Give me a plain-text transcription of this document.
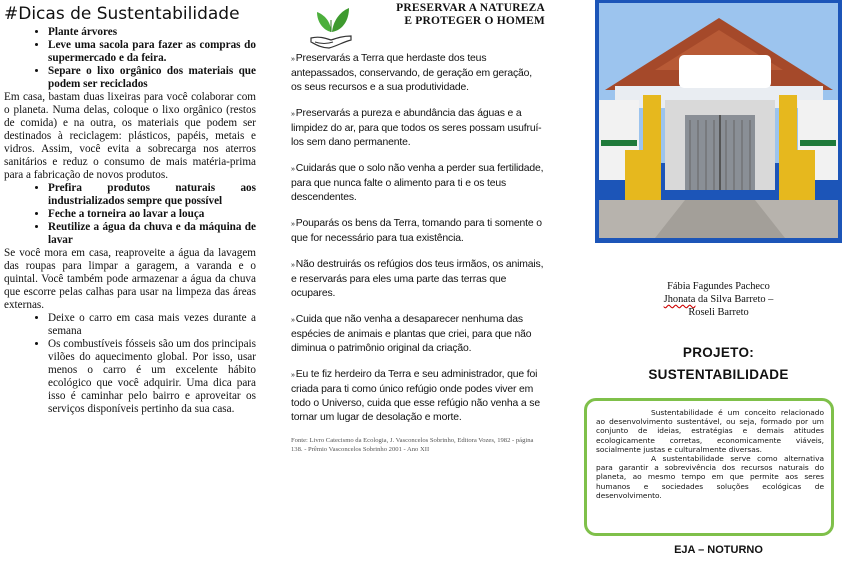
#Dicas de Sustentabilidade
• Plante árvores
• Leve uma sacola para fazer as compras do supermercado e da feira.
• Separe o lixo orgânico dos materiais que podem ser reciclados

Em casa, bastam duas lixeiras para você colaborar com o planeta. Numa delas, coloque o lixo orgânico (restos de comida) e na outra, os materiais que podem ser destinados à reciclagem: plásticos, papéis, metais e vidros. Assim, você evita a sobrecarga nos aterros sanitários e reduz o consumo de mais matéria-prima para a fabricação de novos produtos.

• Prefira produtos naturais aos industrializados sempre que possível
• Feche a torneira ao lavar a louça
• Reutilize a água da chuva e da máquina de lavar

Se você mora em casa, reaproveite a água da lavagem das roupas para limpar a garagem, a varanda e o quintal. Você também pode armazenar a água da chuva que escorre pelas calhas para usar na limpeza das áreas externas.

• Deixe o carro em casa mais vezes durante a semana
• Os combustíveis fósseis são um dos principais vilões do aquecimento global. Por isso, usar menos o carro é um excelente hábito ecológico que você adquirir. Uma dica para isso é caminhar pelo bairro e aproveitar os serviços disponíveis pertinho da sua casa.
PRESERVAR A NATUREZA
E PROTEGER O HOMEM

»Preservarás a Terra que herdaste dos teus antepassados, conservando, de geração em geração, os seus recursos e a sua produtividade.

»Preservarás a pureza e abundância das águas e a limpidez do ar, para que todos os seres possam usufruí-los sem dano permanente.

»Cuidarás que o solo não venha a perder sua fertilidade, para que nunca falte o alimento para ti e os teus descendentes.

»Pouparás os bens da Terra, tomando para ti somente o que for necessário para tua existência.

»Não destruirás os refúgios dos teus irmãos, os animais, e reservarás para eles uma parte das terras que ocupares.

»Cuida que não venha a desaparecer nenhuma das espécies de animais e plantas que criei, para que não diminua o patrimônio original da criação.

»Eu te fiz herdeiro da Terra e seu administrador, que foi criada para ti como único refúgio onde podes viver em todo o Universo, cuida que esse refúgio não venha a se tornar um lugar de desolação e morte.

Fonte: Livro Catecismo da Ecologia, J. Vasconcelos Sobrinho, Editora Vozes, 1982 - página 138. - Prêmio Vasconcelos Sobrinho 2001 - Ano XII
Fábia Fagundes Pacheco
Jhonata da Silva Barreto –
Roseli Barreto
PROJETO:
SUSTENTABILIDADE

Sustentabilidade é um conceito relacionado ao desenvolvimento sustentável, ou seja, formado por um conjunto de ideias, estratégias e demais atitudes ecologicamente corretas, economicamente viáveis, socialmente justas e culturalmente diversas.

A sustentabilidade serve como alternativa para garantir a sobrevivência dos recursos naturais do planeta, ao mesmo tempo em que permite aos seres humanos e sociedades soluções ecológicas de desenvolvimento.

EJA – NOTURNO
